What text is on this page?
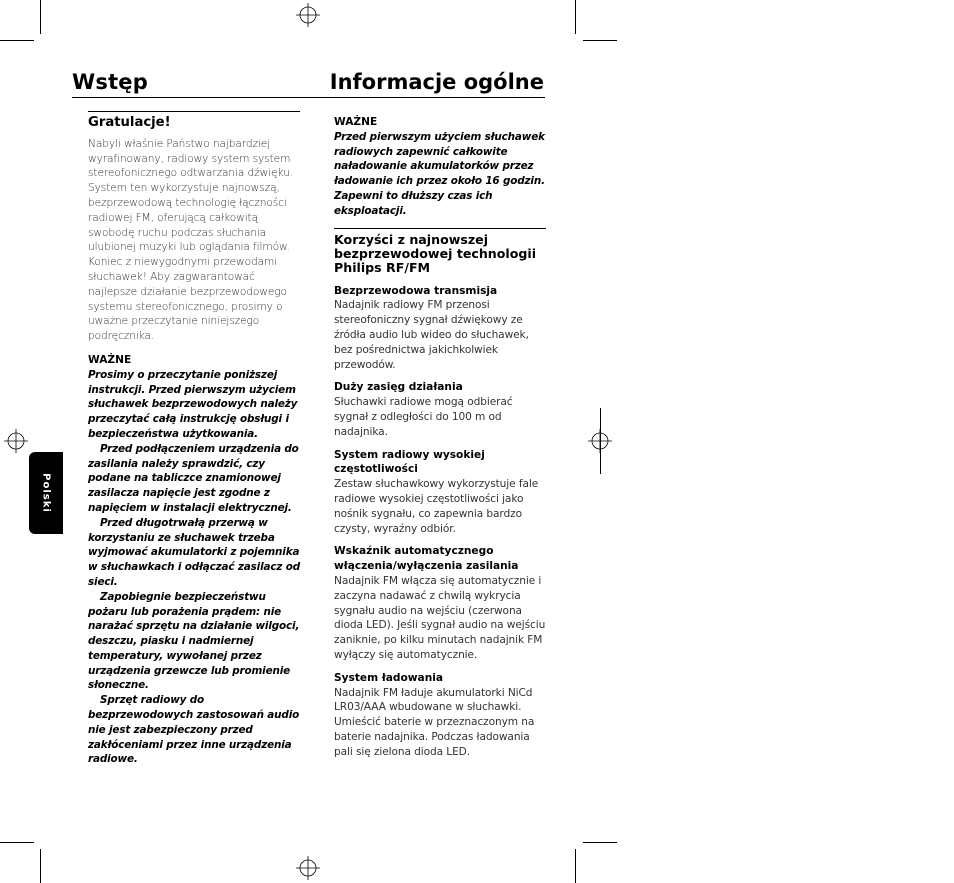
Wstęp	Informacje ogólne
Polski
Gratulacje!
Nabyli właśnie Państwo najbardziej wyrafinowany, radiowy system system stereofonicznego odtwarzania dźwięku. System ten wykorzystuje najnowszą, bezprzewodową technologię łączności radiowej FM, oferującą całkowitą swobodę ruchu podczas słuchania ulubionej muzyki lub oglądania filmów. Koniec z niewygodnymi przewodami słuchawek! Aby zagwarantować najlepsze działanie bezprzewodowego systemu stereofonicznego, prosimy o uważne przeczytanie niniejszego podręcznika.
WAŻNE

Prosimy o przeczytanie poniższej instrukcji. Przed pierwszym użyciem słuchawek bezprzewodowych należy przeczytać całą instrukcję obsługi i bezpieczeństwa użytkowania.

Przed podłączeniem urządzenia do zasilania należy sprawdzić, czy podane na tabliczce znamionowej zasilacza napięcie jest zgodne z napięciem w instalacji elektrycznej.

Przed długotrwałą przerwą w korzystaniu ze słuchawek trzeba wyjmować akumulatorki z pojemnika w słuchawkach i odłączać zasilacz od sieci.

Zapobiegnie bezpieczeństwu pożaru lub porażenia prądem: nie narażać sprzętu na działanie wilgoci, deszczu, piasku i nadmiernej temperatury, wywołanej przez urządzenia grzewcze lub promienie słoneczne.

Sprzęt radiowy do bezprzewodowych zastosowań audio nie jest zabezpieczony przed zakłóceniami przez inne urządzenia radiowe.

WAŻNE
Przed pierwszym użyciem słuchawek radiowych zapewnić całkowite naładowanie akumulatorków przez ładowanie ich przez około 16 godzin. Zapewni to dłuższy czas ich eksploatacji.
Korzyści z najnowszej bezprzewodowej technologii Philips RF/FM
Bezprzewodowa transmisja
Nadajnik radiowy FM przenosi stereofoniczny sygnał dźwiękowy ze źródła audio lub wideo do słuchawek, bez pośrednictwa jakichkolwiek przewodów.
Duży zasięg działania
Słuchawki radiowe mogą odbierać sygnał z odległości do 100 m od nadajnika.
System radiowy wysokiej częstotliwości
Zestaw słuchawkowy wykorzystuje fale radiowe wysokiej częstotliwości jako nośnik sygnału, co zapewnia bardzo czysty, wyraźny odbiór.
Wskaźnik automatycznego włączenia/wyłączenia zasilania
Nadajnik FM włącza się automatycznie i zaczyna nadawać z chwilą wykrycia sygnału audio na wejściu (czerwona dioda LED). Jeśli sygnał audio na wejściu zaniknie, po kilku minutach nadajnik FM wyłączy się automatycznie.
System ładowania
Nadajnik FM ładuje akumulatorki NiCd LR03/AAA wbudowane w słuchawki. Umieścić baterie w przeznaczonym na baterie nadajnika. Podczas ładowania pali się zielona dioda LED.
